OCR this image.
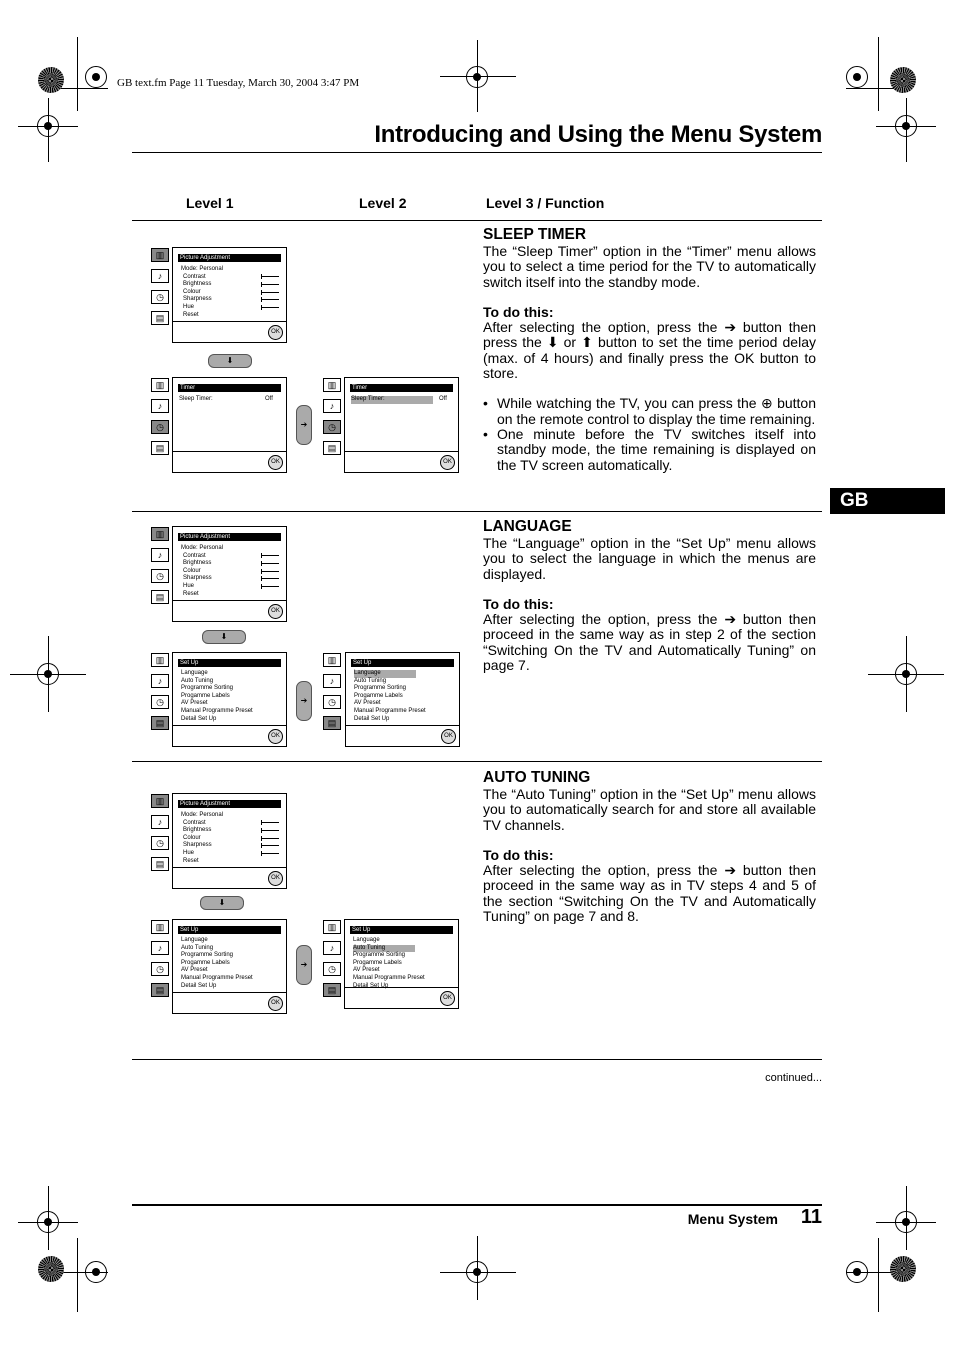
GB text.fm Page 11 Tuesday, March 30, 2004 3:47 PM
Introducing and Using the Menu System
Level 1	Level 2	Level 3 / Function
GB
▥
♪
◷
▤
Picture Adjustment
Mode: Personal
Contrast
Brightness
Colour
Sharpness
Hue
Reset
OK
⬇
▥
♪
◷
▤
Timer
Sleep Timer:	Off
OK
➔
▥
♪
◷
▤
Timer
Sleep Timer:	Off
OK
▥
♪
◷
▤
Picture Adjustment
Mode: Personal
Contrast
Brightness
Colour
Sharpness
Hue
Reset
OK
⬇
▥
♪
◷
▤
Set Up
Language
Auto Tuning
Programme Sorting
Progamme Labels
AV Preset
Manual Programme Preset
Detail Set Up
OK
➔
▥
♪
◷
▤
Set Up
Language
Auto Tuning
Programme Sorting
Progamme Labels
AV Preset
Manual Programme Preset
Detail Set Up
OK
▥
♪
◷
▤
Picture Adjustment
Mode: Personal
Contrast
Brightness
Colour
Sharpness
Hue
Reset
OK
⬇
▥
♪
◷
▤
Set Up
Language
Auto Tuning
Programme Sorting
Progamme Labels
AV Preset
Manual Programme Preset
Detail Set Up
OK
➔
▥
♪
◷
▤
Set Up
Language
Auto Tuning
Programme Sorting
Progamme Labels
AV Preset
Manual Programme Preset
Detail Set Up
OK
SLEEP TIMER

The “Sleep Timer” option in the “Timer” menu allows you to select a time period for the TV to automatically switch itself into the standby mode.

To do this:

After selecting the option, press the ➔ button then press the ⬇ or ⬆ button to set the time period delay (max. of 4 hours) and finally press the OK button to store.

• While watching the TV, you can press the ⊕ button on the remote control to display the time remaining.
• One minute before the TV switches itself into standby mode, the time remaining is displayed on the TV screen automatically.
LANGUAGE

The “Language” option in the “Set Up” menu allows you to select the language in which the menus are displayed.

To do this:

After selecting the option, press the ➔ button then proceed in the same way as in step 2 of the section “Switching On the TV and Automatically Tuning” on page 7.

AUTO TUNING

The “Auto Tuning” option in the “Set Up” menu allows you to automatically search for and store all available TV channels.

To do this:

After selecting the option, press the ➔ button then proceed in the same way as in TV steps 4 and 5 of the section “Switching On the TV and Automatically Tuning” on page 7 and 8.

continued...
Menu System 11
